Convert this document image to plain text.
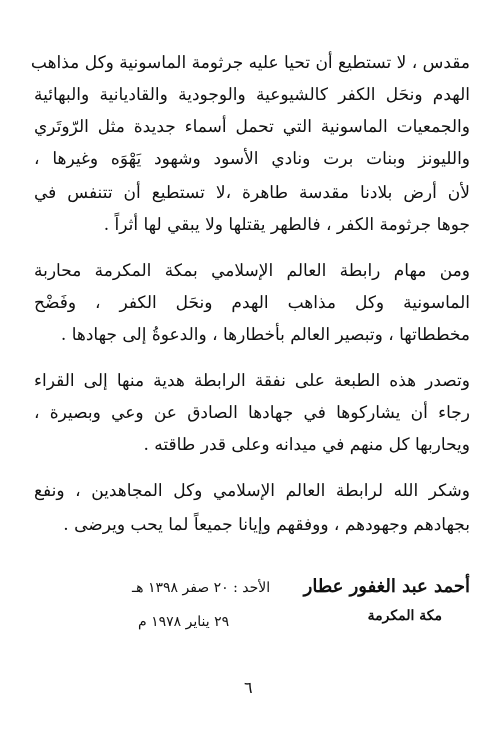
مقدس ، لا تستطيع أن تحيا عليه جرثومة الماسونية وكل مذاهب
الهدم ونحَل الكفر كالشيوعية والوجودية والقاديانية والبهائية
والجمعيات الماسونية التي تحمل أسماء جديدة مثل الرّوتَري
والليونز وبنات برت ونادي الأسود وشهود يَهْوَه وغيرها ،
لأن أرض بلادنا مقدسة طاهرة ،لا تستطيع أن تتنفس في
جوها جرثومة الكفر ، فالطهر يقتلها ولا يبقي لها أثراً .
ومن مهام رابطة العالم الإسلامي بمكة المكرمة محاربة
الماسونية وكل مذاهب الهدم ونحَل الكفر ، وفَضْح
مخططاتها ، وتبصير العالم بأخطارها ، والدعوةُ إلى جهادها .
وتصدر هذه الطبعة على نفقة الرابطة هدية منها إلى القراء
رجاء أن يشاركوها في جهادها الصادق عن وعي وبصيرة ،
ويحاربها كل منهم في ميدانه وعلى قدر طاقته .
وشكر الله لرابطة العالم الإسلامي وكل المجاهدين ، ونفع
بجهادهم وجهودهم ، ووفقهم وإيانا جميعاً لما يحب ويرضى .
أحمد عبد الغفور عطار
مكة المكرمة
الأحد : ٢٠ صفر ١٣٩٨ هـ
٢٩ يناير ١٩٧٨ م
٦
